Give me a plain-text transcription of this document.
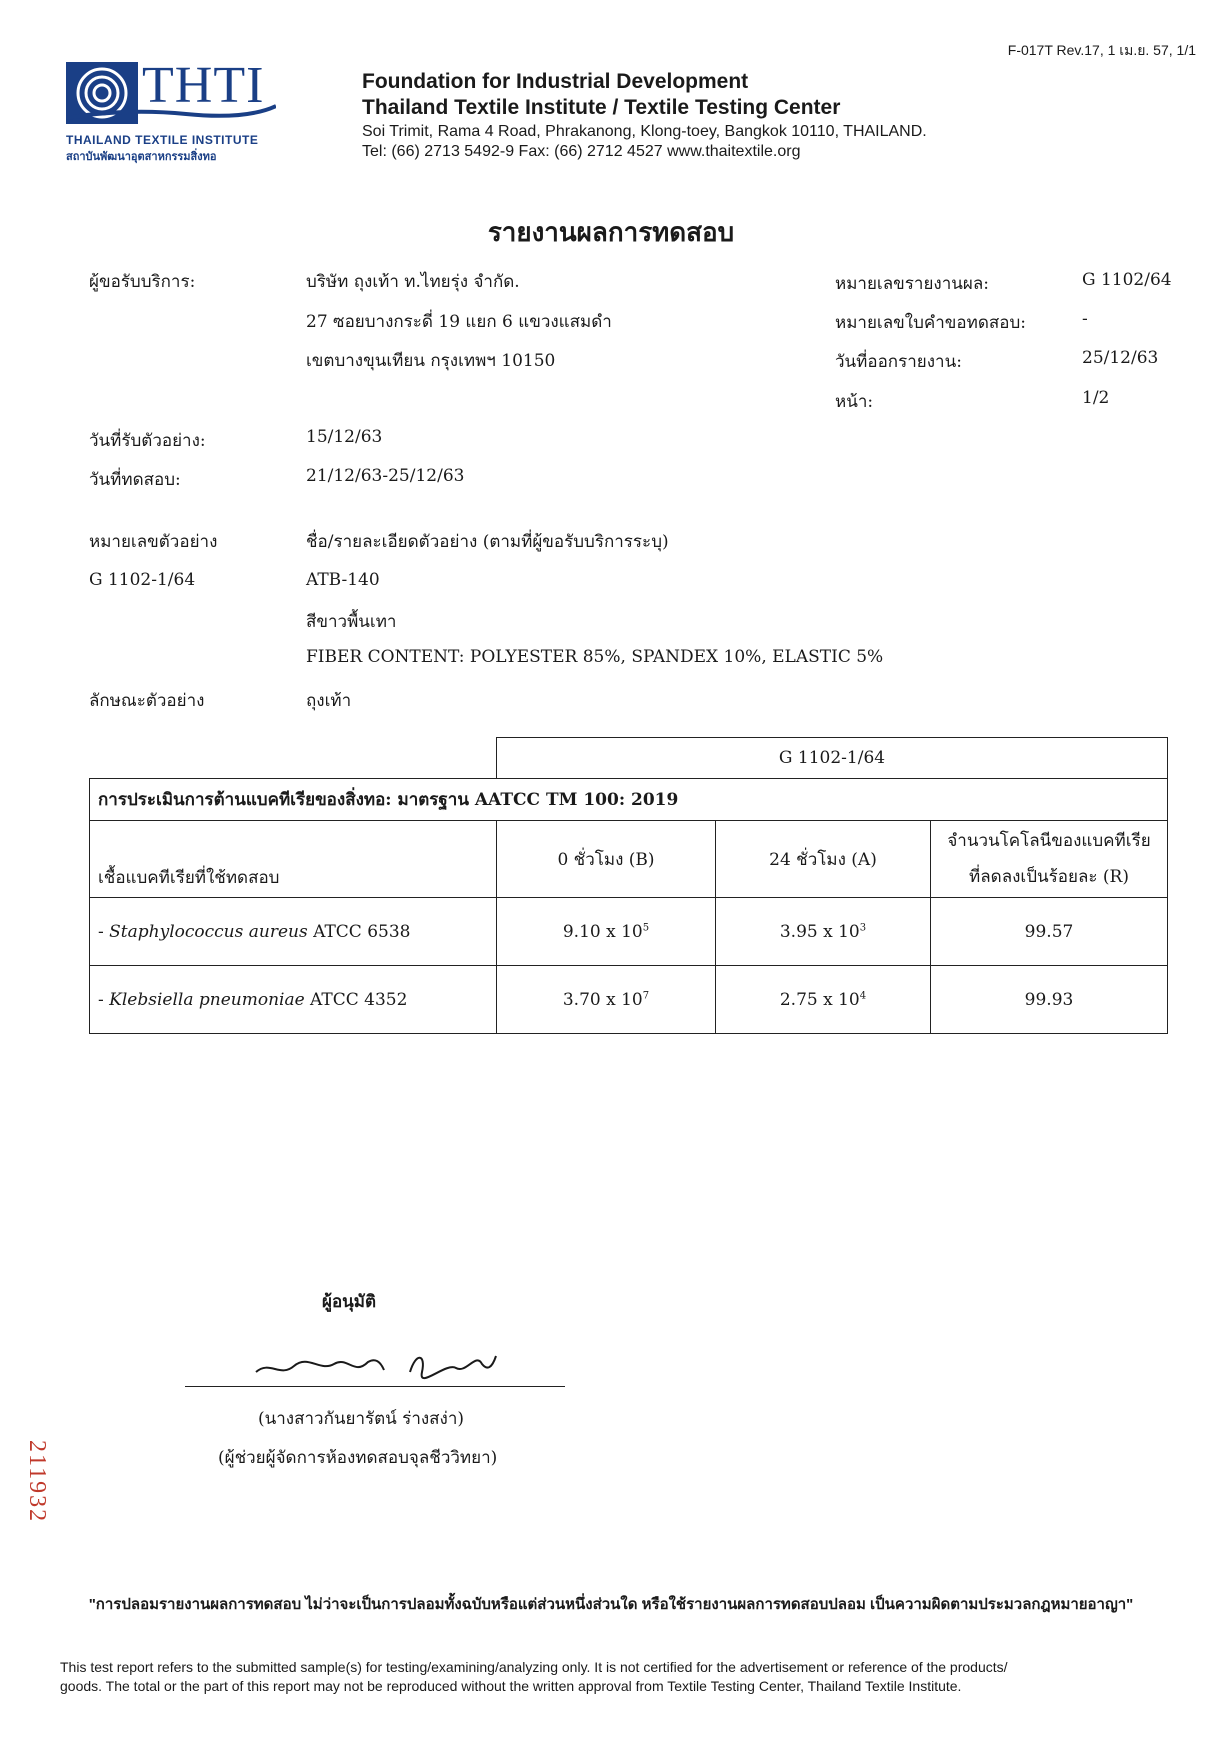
F-017T Rev.17, 1 เม.ย. 57, 1/1
THTI
THAILAND TEXTILE INSTITUTE
สถาบันพัฒนาอุตสาหกรรมสิ่งทอ
Foundation for Industrial Development
Thailand Textile Institute / Textile Testing Center
Soi Trimit, Rama 4 Road, Phrakanong, Klong-toey, Bangkok 10110, THAILAND.
Tel: (66) 2713 5492-9 Fax: (66) 2712 4527 www.thaitextile.org
รายงานผลการทดสอบ
ผู้ขอรับบริการ:	บริษัท ถุงเท้า ท.ไทยรุ่ง จำกัด.
27 ซอยบางกระดี่ 19 แยก 6 แขวงแสมดำ
เขตบางขุนเทียน กรุงเทพฯ 10150
หมายเลขรายงานผล:	G 1102/64
หมายเลขใบคำขอทดสอบ:	-
วันที่ออกรายงาน:	25/12/63
หน้า:	1/2
วันที่รับตัวอย่าง:	15/12/63
วันที่ทดสอบ:	21/12/63-25/12/63
หมายเลขตัวอย่าง	ชื่อ/รายละเอียดตัวอย่าง (ตามที่ผู้ขอรับบริการระบุ)
G 1102-1/64	ATB-140
สีขาวพื้นเทา
FIBER CONTENT: POLYESTER 85%, SPANDEX 10%, ELASTIC 5%
ลักษณะตัวอย่าง	ถุงเท้า
	G 1102-1/64		
การประเมินการต้านแบคทีเรียของสิ่งทอ: มาตรฐาน AATCC TM 100: 2019			
เชื้อแบคทีเรียที่ใช้ทดสอบ	0 ชั่วโมง (B)	24 ชั่วโมง (A)	จำนวนโคโลนีของแบคทีเรีย
ที่ลดลงเป็นร้อยละ (R)

- Staphylococcus aureus ATCC 6538	9.10 x $10^5$	3.95 x $10^3$	99.57
- Klebsiella pneumoniae ATCC 4352	3.70 x $10^7$	2.75 x $10^4$	99.93
ผู้อนุมัติ
(นางสาวกันยารัตน์ ร่างสง่า)
(ผู้ช่วยผู้จัดการห้องทดสอบจุลชีววิทยา)
211932
"การปลอมรายงานผลการทดสอบ ไม่ว่าจะเป็นการปลอมทั้งฉบับหรือแต่ส่วนหนึ่งส่วนใด หรือใช้รายงานผลการทดสอบปลอม เป็นความผิดตามประมวลกฎหมายอาญา"
This test report refers to the submitted sample(s) for testing/examining/analyzing only. It is not certified for the advertisement or reference of the products/
goods. The total or the part of this report may not be reproduced without the written approval from Textile Testing Center, Thailand Textile Institute.
